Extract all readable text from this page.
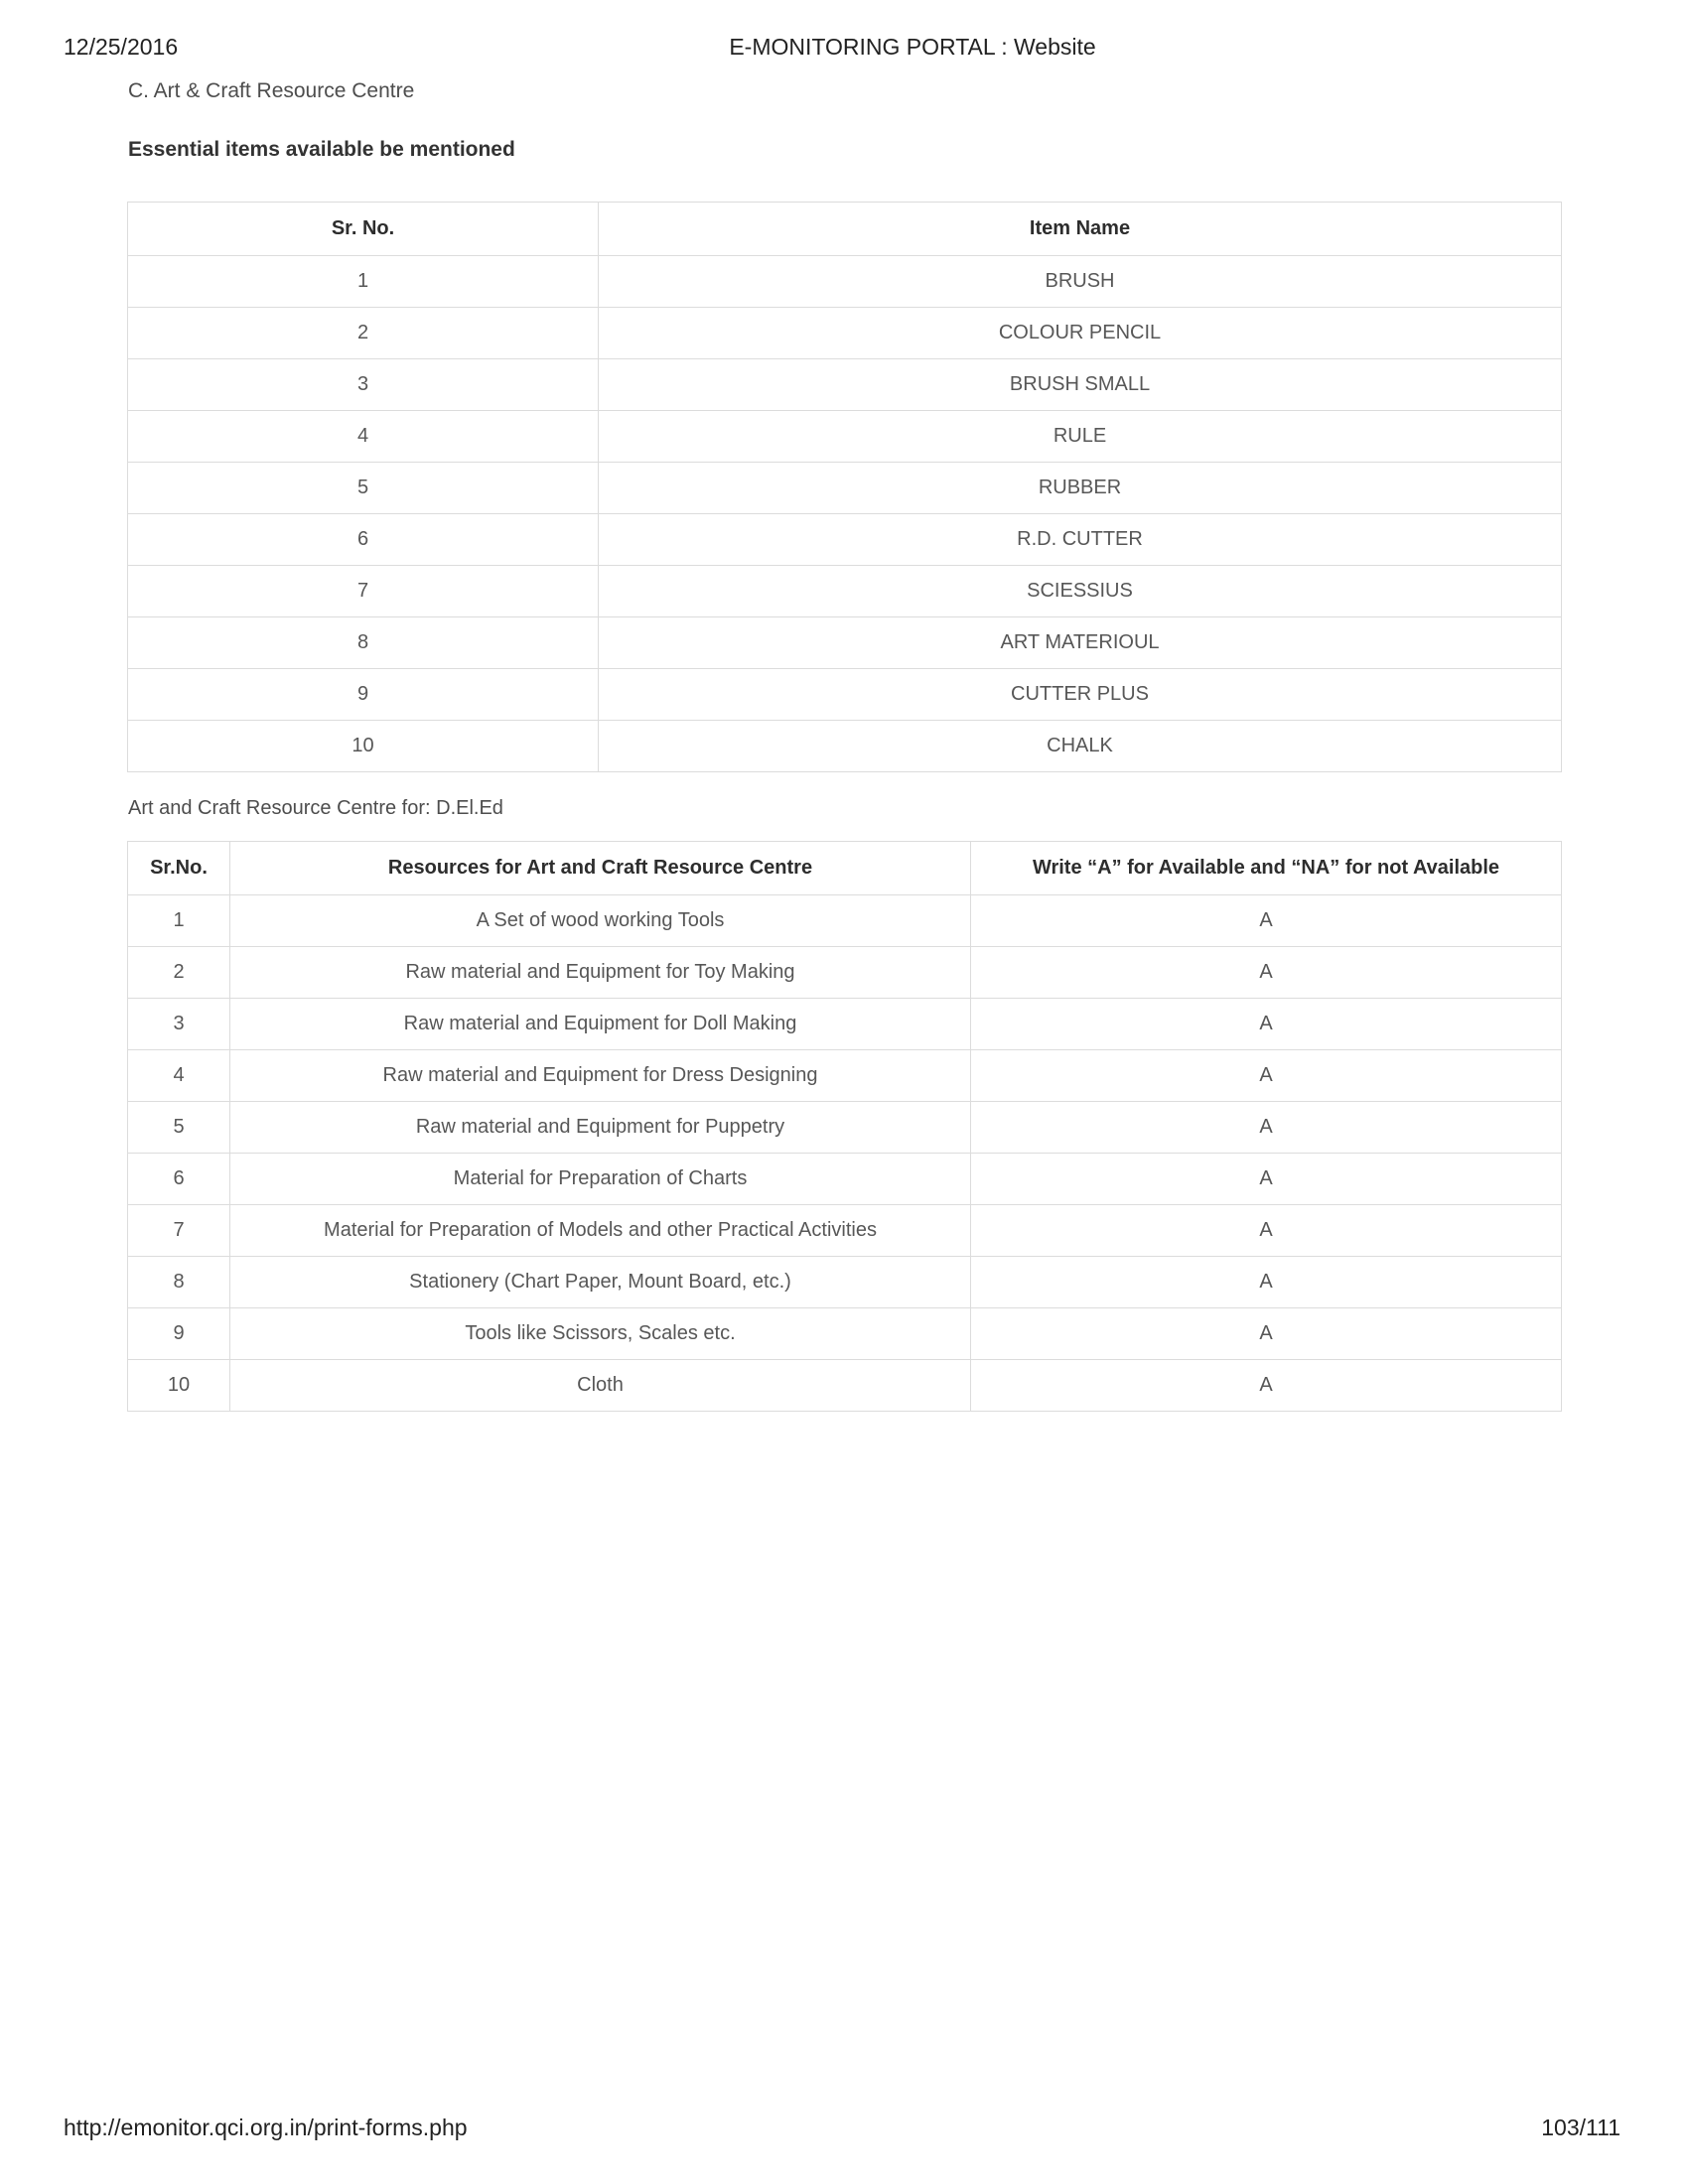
12/25/2016	E-MONITORING PORTAL : Website
C. Art & Craft Resource Centre
Essential items available be mentioned
Sr. No.	Item Name
1	BRUSH
2	COLOUR PENCIL
3	BRUSH SMALL
4	RULE
5	RUBBER
6	R.D. CUTTER
7	SCIESSIUS
8	ART MATERIOUL
9	CUTTER PLUS
10	CHALK
Art and Craft Resource Centre for: D.El.Ed
Sr.No.	Resources for Art and Craft Resource Centre	Write “A” for Available and “NA” for not Available
1	A Set of wood working Tools	A
2	Raw material and Equipment for Toy Making	A
3	Raw material and Equipment for Doll Making	A
4	Raw material and Equipment for Dress Designing	A
5	Raw material and Equipment for Puppetry	A
6	Material for Preparation of Charts	A
7	Material for Preparation of Models and other Practical Activities	A
8	Stationery (Chart Paper, Mount Board, etc.)	A
9	Tools like Scissors, Scales etc.	A
10	Cloth	A
http://emonitor.qci.org.in/print-forms.php	103/111
